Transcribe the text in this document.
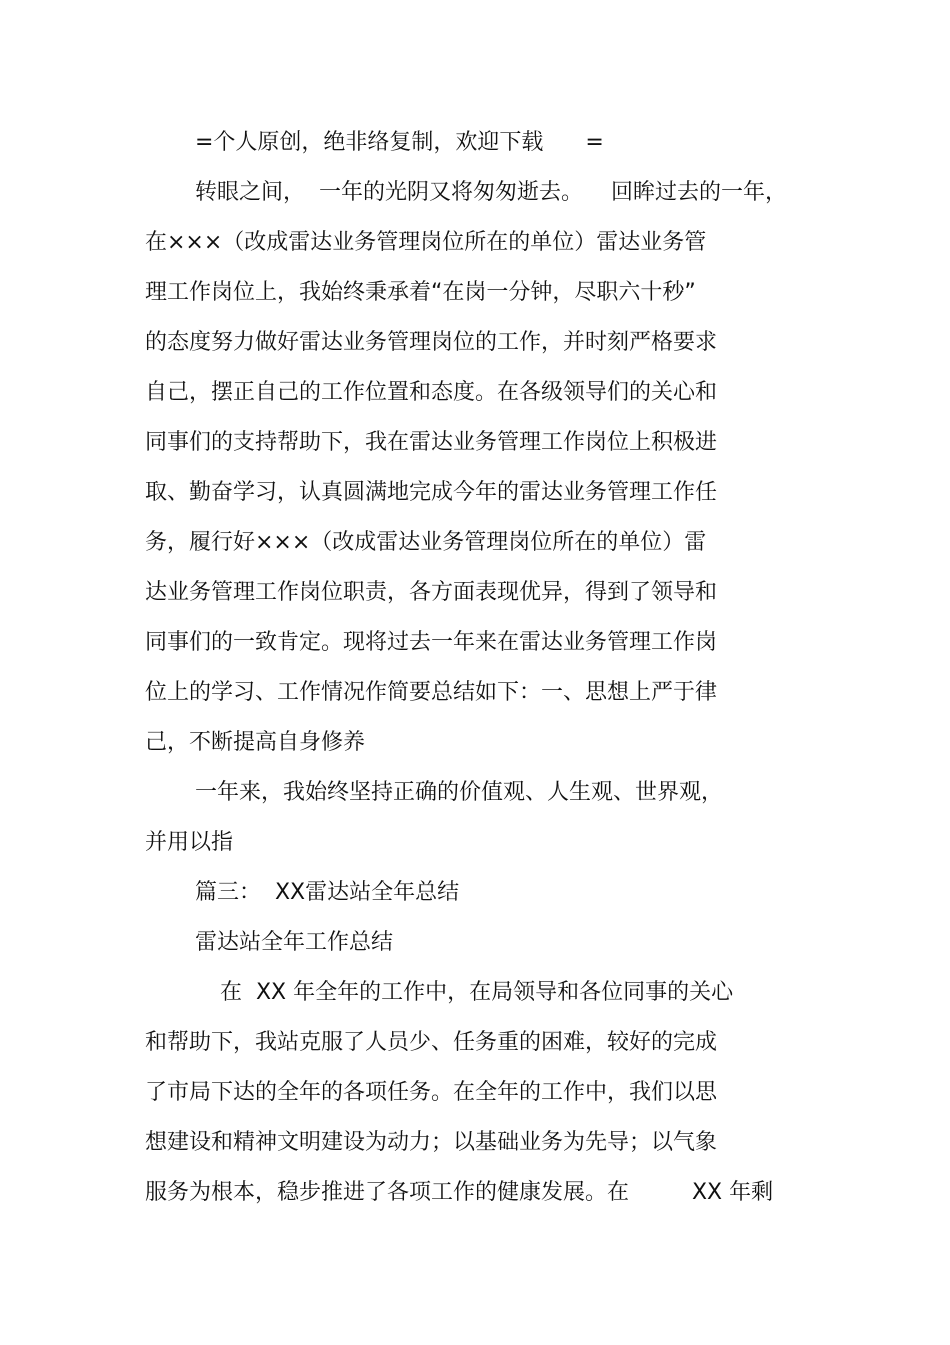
=个人原创，绝非络复制，欢迎下载      =

转眼之间，  一年的光阴又将匆匆逝去。    回眸过去的一年，

在×××（改成雷达业务管理岗位所在的单位）雷达业务管

理工作岗位上，我始终秉承着“在岗一分钟，尽职六十秒”

的态度努力做好雷达业务管理岗位的工作，并时刻严格要求

自己，摆正自己的工作位置和态度。在各级领导们的关心和

同事们的支持帮助下，我在雷达业务管理工作岗位上积极进

取、勤奋学习，认真圆满地完成今年的雷达业务管理工作任

务，履行好×××（改成雷达业务管理岗位所在的单位）雷

达业务管理工作岗位职责，各方面表现优异，得到了领导和

同事们的一致肯定。现将过去一年来在雷达业务管理工作岗

位上的学习、工作情况作简要总结如下：一、思想上严于律

己，不断提高自身修养

一年来，我始终坚持正确的价值观、人生观、世界观，

并用以指

篇三：  XX雷达站全年总结

雷达站全年工作总结

在  XX 年全年的工作中，在局领导和各位同事的关心

和帮助下，我站克服了人员少、任务重的困难，较好的完成

了市局下达的全年的各项任务。在全年的工作中，我们以思

想建设和精神文明建设为动力；以基础业务为先导；以气象

服务为根本，稳步推进了各项工作的健康发展。在         XX 年剩
